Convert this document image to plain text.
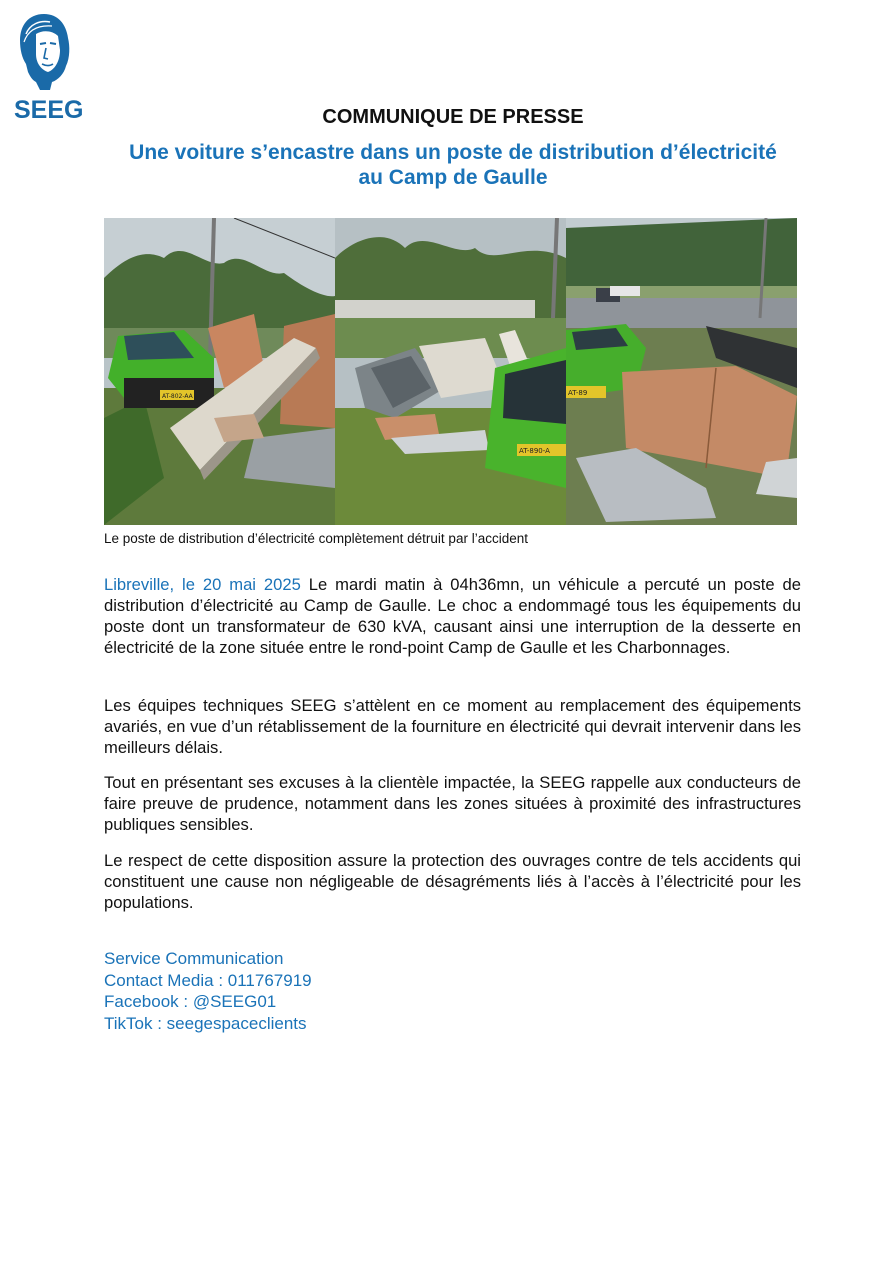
SEEG	COMMUNIQUE DE PRESSE
Une voiture s’encastre dans un poste de distribution d’électricité
au Camp de Gaulle
AT-802-AA
AT-890-A
AT-89
Le poste de distribution d’électricité complètement détruit par l’accident

Libreville, le 20 mai 2025 Le mardi matin à 04h36mn, un véhicule a percuté un poste de distribution d’électricité au Camp de Gaulle. Le choc a endommagé tous les équipements du poste dont un transformateur de 630 kVA, causant ainsi une interruption de la desserte en électricité de la zone située entre le rond-point Camp de Gaulle et les Charbonnages.

Les équipes techniques SEEG s’attèlent en ce moment au remplacement des équipements avariés, en vue d’un rétablissement de la fourniture en électricité qui devrait intervenir dans les meilleurs délais.

Tout en présentant ses excuses à la clientèle impactée, la SEEG rappelle aux conducteurs de faire preuve de prudence, notamment dans les zones situées à proximité des infrastructures publiques sensibles.

Le respect de cette disposition assure la protection des ouvrages contre de tels accidents qui constituent une cause non négligeable de désagréments liés à l’accès à l’électricité pour les populations.

Service Communication
Contact Media : 011767919
Facebook : @SEEG01
TikTok : seegespaceclients
